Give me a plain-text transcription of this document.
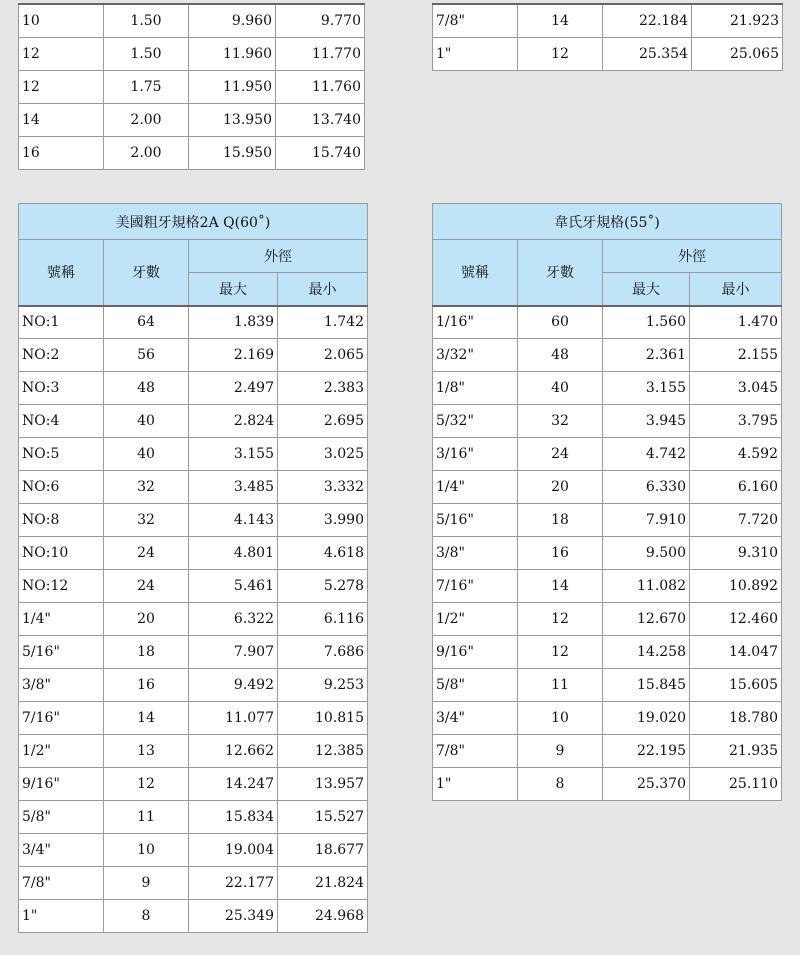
10	1.50	9.960	9.770
12	1.50	11.960	11.770
12	1.75	11.950	11.760
14	2.00	13.950	13.740
16	2.00	15.950	15.740
7/8"	14	22.184	21.923
1"	12	25.354	25.065
美國粗牙規格2A Q(60˚)			
號稱	牙數	外徑	
		最大	最小
NO:1	64	1.839	1.742
NO:2	56	2.169	2.065
NO:3	48	2.497	2.383
NO:4	40	2.824	2.695
NO:5	40	3.155	3.025
NO:6	32	3.485	3.332
NO:8	32	4.143	3.990
NO:10	24	4.801	4.618
NO:12	24	5.461	5.278
1/4"	20	6.322	6.116
5/16"	18	7.907	7.686
3/8"	16	9.492	9.253
7/16"	14	11.077	10.815
1/2"	13	12.662	12.385
9/16"	12	14.247	13.957
5/8"	11	15.834	15.527
3/4"	10	19.004	18.677
7/8"	9	22.177	21.824
1"	8	25.349	24.968
韋氏牙規格(55˚)			
號稱	牙數	外徑	
		最大	最小
1/16"	60	1.560	1.470
3/32"	48	2.361	2.155
1/8"	40	3.155	3.045
5/32"	32	3.945	3.795
3/16"	24	4.742	4.592
1/4"	20	6.330	6.160
5/16"	18	7.910	7.720
3/8"	16	9.500	9.310
7/16"	14	11.082	10.892
1/2"	12	12.670	12.460
9/16"	12	14.258	14.047
5/8"	11	15.845	15.605
3/4"	10	19.020	18.780
7/8"	9	22.195	21.935
1"	8	25.370	25.110
